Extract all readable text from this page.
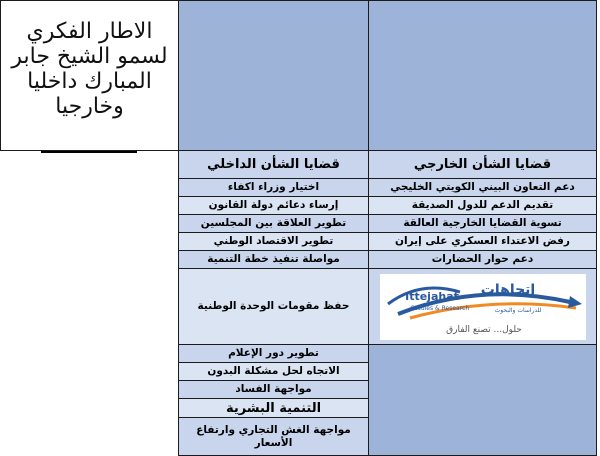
الاطار الفكري
لسمو الشيخ جابر
المبارك داخليا
وخارجيا		

	قضايا الشأن الداخلي	قضايا الشأن الخارجي
	اختيار وزراء اكفاء	دعم التعاون البيني الكويتي الخليجي
	إرساء دعائم دولة القانون	تقديم الدعم للدول الصديقة
	تطوير العلاقة بين المجلسين	تسوية القضايا الخارجية العالقة
	تطوير الاقتصاد الوطني	رفض الاعتداء العسكري على إيران
	مواصلة تنفيذ خطة التنمية	دعم حوار الحضارات
	حفظ مقومات الوحدة الوطنية	اتجاهات
Ittejahat
Studies & Research للدراسات والبحوث
حلول... تصنع الفارق

	تطوير دور الإعلام	
	الاتجاه لحل مشكلة البدون	
	مواجهة الفساد	
	التنمية البشرية	
	مواجهة الغش التجاري وارتفاع الأسعار	
